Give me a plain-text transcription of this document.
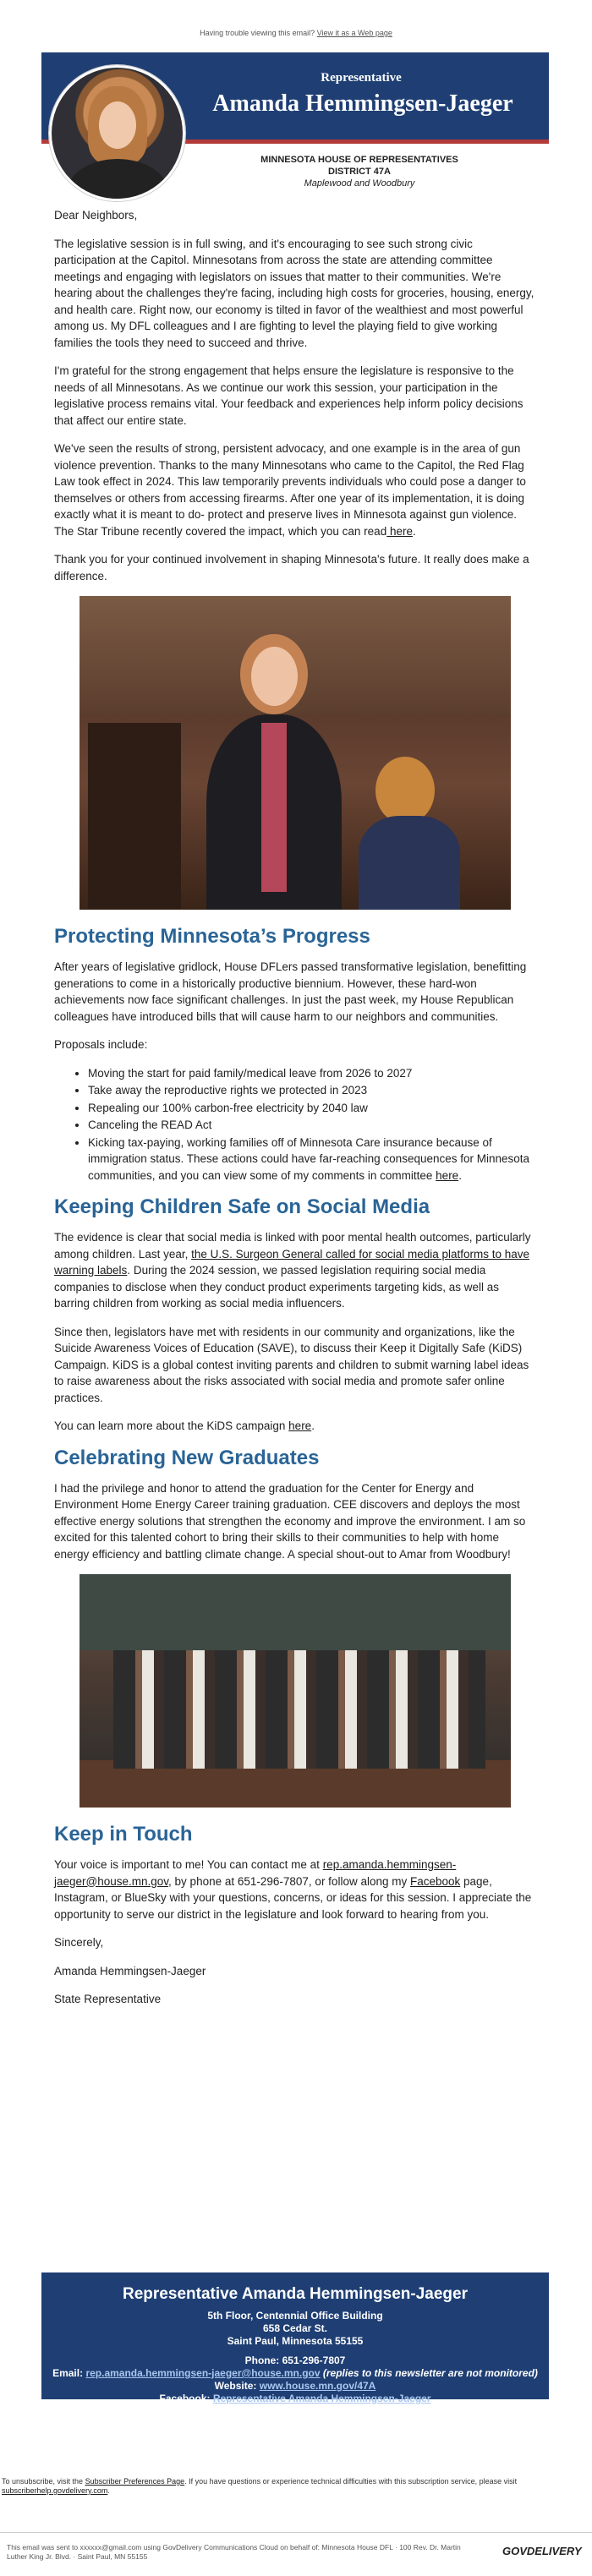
Having trouble viewing this email? View it as a Web page
Representative
Amanda Hemmingsen-Jaeger
MINNESOTA HOUSE OF REPRESENTATIVES
DISTRICT 47A
Maplewood and Woodbury

Dear Neighbors,

The legislative session is in full swing, and it's encouraging to see such strong civic participation at the Capitol. Minnesotans from across the state are attending committee meetings and engaging with legislators on issues that matter to their communities. We're hearing about the challenges they're facing, including high costs for groceries, housing, energy, and health care. Right now, our economy is tilted in favor of the wealthiest and most powerful among us. My DFL colleagues and I are fighting to level the playing field to give working families the tools they need to succeed and thrive.

I'm grateful for the strong engagement that helps ensure the legislature is responsive to the needs of all Minnesotans. As we continue our work this session, your participation in the legislative process remains vital. Your feedback and experiences help inform policy decisions that affect our entire state.

We've seen the results of strong, persistent advocacy, and one example is in the area of gun violence prevention. Thanks to the many Minnesotans who came to the Capitol, the Red Flag Law took effect in 2024. This law temporarily prevents individuals who could pose a danger to themselves or others from accessing firearms. After one year of its implementation, it is doing exactly what it is meant to do- protect and preserve lives in Minnesota against gun violence. The Star Tribune recently covered the impact, which you can read here.

Thank you for your continued involvement in shaping Minnesota's future. It really does make a difference.

Protecting Minnesota’s Progress

After years of legislative gridlock, House DFLers passed transformative legislation, benefitting generations to come in a historically productive biennium. However, these hard-won achievements now face significant challenges. In just the past week, my House Republican colleagues have introduced bills that will cause harm to our neighbors and communities.

Proposals include:

• Moving the start for paid family/medical leave from 2026 to 2027
• Take away the reproductive rights we protected in 2023
• Repealing our 100% carbon-free electricity by 2040 law
• Canceling the READ Act
• Kicking tax-paying, working families off of Minnesota Care insurance because of immigration status. These actions could have far-reaching consequences for Minnesota communities, and you can view some of my comments in committee here.
Keeping Children Safe on Social Media

The evidence is clear that social media is linked with poor mental health outcomes, particularly among children. Last year, the U.S. Surgeon General called for social media platforms to have warning labels. During the 2024 session, we passed legislation requiring social media companies to disclose when they conduct product experiments targeting kids, as well as barring children from working as social media influencers.

Since then, legislators have met with residents in our community and organizations, like the Suicide Awareness Voices of Education (SAVE), to discuss their Keep it Digitally Safe (KiDS) Campaign. KiDS is a global contest inviting parents and children to submit warning label ideas to raise awareness about the risks associated with social media and promote safer online practices.

You can learn more about the KiDS campaign here.

Celebrating New Graduates

I had the privilege and honor to attend the graduation for the Center for Energy and Environment Home Energy Career training graduation. CEE discovers and deploys the most effective energy solutions that strengthen the economy and improve the environment. I am so excited for this talented cohort to bring their skills to their communities to help with home energy efficiency and battling climate change. A special shout-out to Amar from Woodbury!

Keep in Touch

Your voice is important to me! You can contact me at rep.amanda.hemmingsen-jaeger@house.mn.gov, by phone at 651-296-7807, or follow along my Facebook page, Instagram, or BlueSky with your questions, concerns, or ideas for this session. I appreciate the opportunity to serve our district in the legislature and look forward to hearing from you.

Sincerely,

Amanda Hemmingsen-Jaeger

State Representative

Representative Amanda Hemmingsen-Jaeger
5th Floor, Centennial Office Building
658 Cedar St.
Saint Paul, Minnesota 55155
Phone: 651-296-7807
Email: rep.amanda.hemmingsen-jaeger@house.mn.gov (replies to this newsletter are not monitored)
Website: www.house.mn.gov/47A
Facebook: Representative Amanda Hemmingsen-Jaeger
Legislative Assistant: Boon Xiong, 651-296-2585
To unsubscribe, visit the Subscriber Preferences Page. If you have questions or experience technical difficulties with this subscription service, please visit subscriberhelp.govdelivery.com.
This email was sent to xxxxxx@gmail.com using GovDelivery Communications Cloud on behalf of: Minnesota House DFL · 100 Rev. Dr. Martin Luther King Jr. Blvd. · Saint Paul, MN 55155	GOVDELIVERY
